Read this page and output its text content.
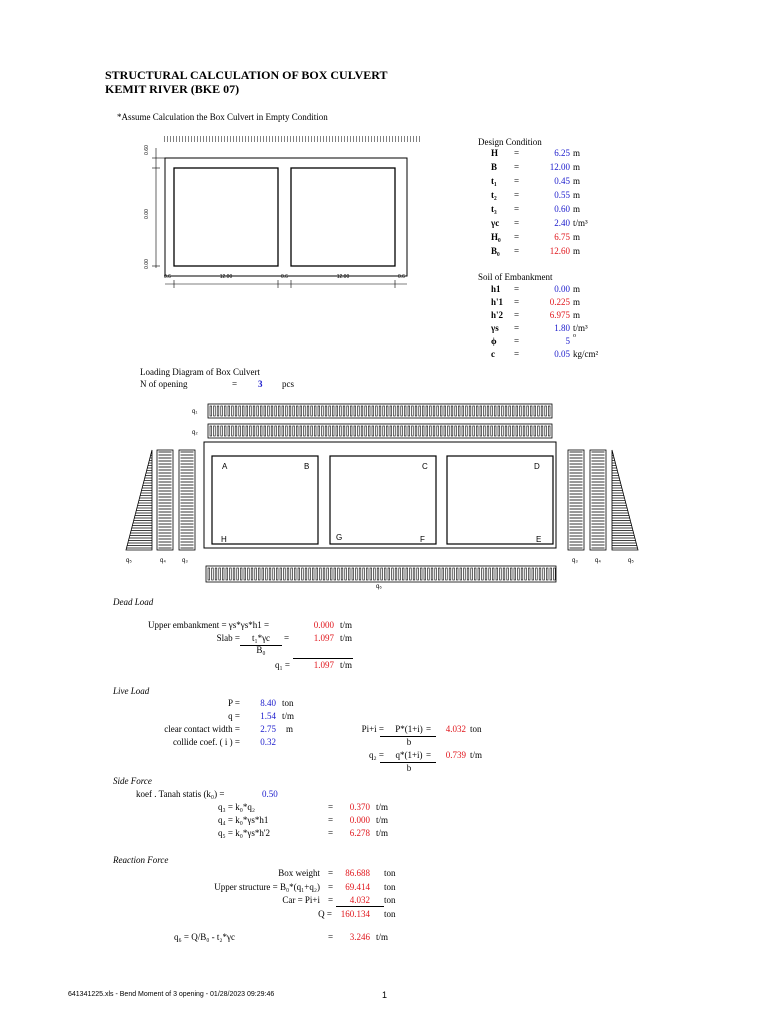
STRUCTURAL CALCULATION OF BOX CULVERT
KEMIT RIVER (BKE 07)
*Assume Calculation the Box Culvert in Empty Condition
0.60
0.00
0.00
0.6	12.00	0.6	12.00	0.6
Design Condition
H =	6.25 m
B =	12.00 m
t₁ =	0.45 m
t₂ =	0.55 m
t₃ =	0.60 m
γc =	2.40 t/m³
H₀ =	6.75 m
B₀ =	12.60 m
Soil of Embankment
h1 =	0.00 m
h'1 =	0.225 m
h'2 =	6.975 m
γs =	1.80 t/m³
ϕ =	5 o
c =	0.05 kg/cm²
Loading Diagram of Box Culvert
N of opening	= 3 pcs
q₁
q₂
A	B	C	D
E
F
G
H
q₅	q₄	q₃	q₃	q₄	q₅
q₆
Dead Load
Upper embankment = γs*γs*h1 =	0.000 t/m
Slab =	t₁*γc	=	1.097 t/m
B₀
q₁ =	1.097 t/m
Live Load
P =	8.40 ton
q =	1.54 t/m
clear contact width =	2.75 m
collide coef. ( i ) =	0.32
Pi+i =	P*(1+i) =	4.032 ton
b
q₂ =	q*(1+i) =	0.739 t/m
b
Side Force
koef . Tanah statis (k₀) =	0.50
q₃ = k₀*q₂	=	0.370 t/m
q₄ = k₀*γs*h1	=	0.000 t/m
q₅ = k₀*γs*h'2	=	6.278 t/m
Reaction Force
Box weight =	86.688 ton
Upper structure = B₀*(q₁+q₂) =	69.414 ton
Car = Pi+i =	4.032 ton
Q = 160.134 ton
q₆ = Q/B₀ - t₂*γc	=	3.246 t/m
641341225.xls - Bend Moment of 3 opening - 01/28/2023 09:29:46	1
